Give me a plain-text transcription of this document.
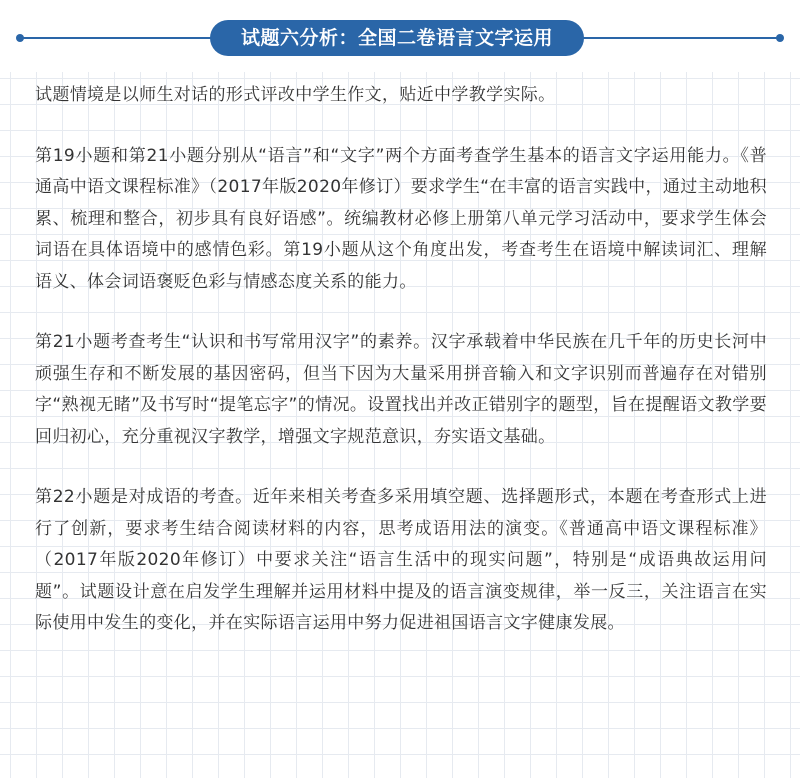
试题六分析：全国二卷语言文字运用

试题情境是以师生对话的形式评改中学生作文，贴近中学教学实际。

第19小题和第21小题分别从“语言”和“文字”两个方面考查学生基本的语言文字运用能力。《普通高中语文课程标准》（2017年版2020年修订）要求学生“在丰富的语言实践中，通过主动地积累、梳理和整合，初步具有良好语感”。统编教材必修上册第八单元学习活动中，要求学生体会词语在具体语境中的感情色彩。第19小题从这个角度出发，考查考生在语境中解读词汇、理解语义、体会词语褒贬色彩与情感态度关系的能力。

第21小题考查考生“认识和书写常用汉字”的素养。汉字承载着中华民族在几千年的历史长河中顽强生存和不断发展的基因密码，但当下因为大量采用拼音输入和文字识别而普遍存在对错别字“熟视无睹”及书写时“提笔忘字”的情况。设置找出并改正错别字的题型，旨在提醒语文教学要回归初心，充分重视汉字教学，增强文字规范意识，夯实语文基础。

第22小题是对成语的考查。近年来相关考查多采用填空题、选择题形式，本题在考查形式上进行了创新，要求考生结合阅读材料的内容，思考成语用法的演变。《普通高中语文课程标准》（2017年版2020年修订）中要求关注“语言生活中的现实问题”，特别是“成语典故运用问题”。试题设计意在启发学生理解并运用材料中提及的语言演变规律，举一反三，关注语言在实际使用中发生的变化，并在实际语言运用中努力促进祖国语言文字健康发展。
